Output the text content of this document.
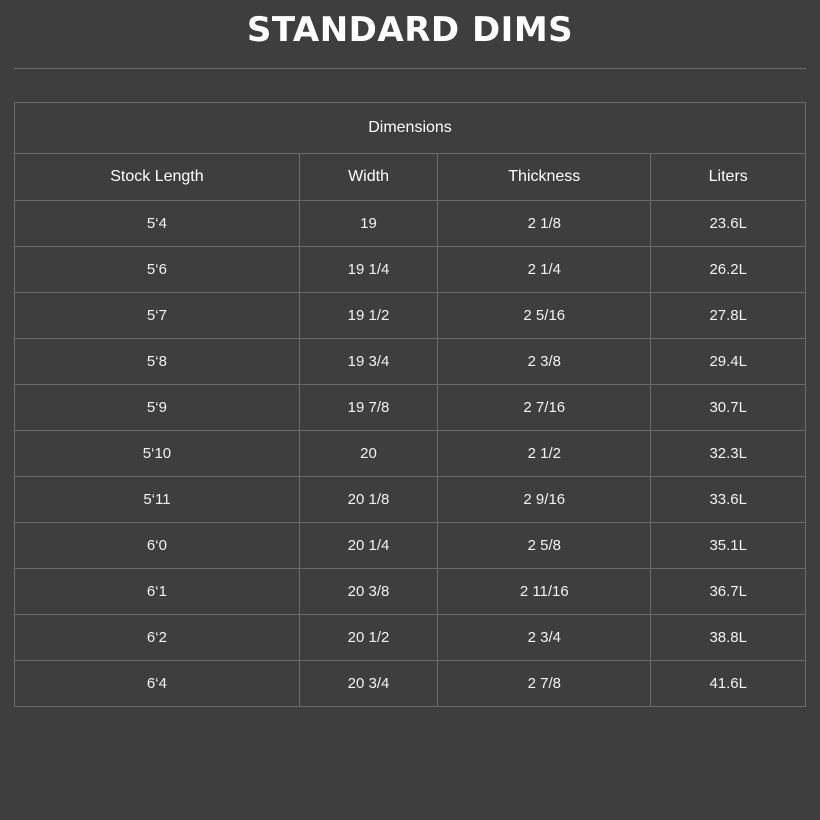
STANDARD DIMS
Dimensions			
Stock Length	Width	Thickness	Liters
5‘4	19	2 1/8	23.6L
5‘6	19 1/4	2 1/4	26.2L
5‘7	19 1/2	2 5/16	27.8L
5‘8	19 3/4	2 3/8	29.4L
5‘9	19 7/8	2 7/16	30.7L
5‘10	20	2 1/2	32.3L
5‘11	20 1/8	2 9/16	33.6L
6‘0	20 1/4	2 5/8	35.1L
6‘1	20 3/8	2 11/16	36.7L
6‘2	20 1/2	2 3/4	38.8L
6‘4	20 3/4	2 7/8	41.6L
